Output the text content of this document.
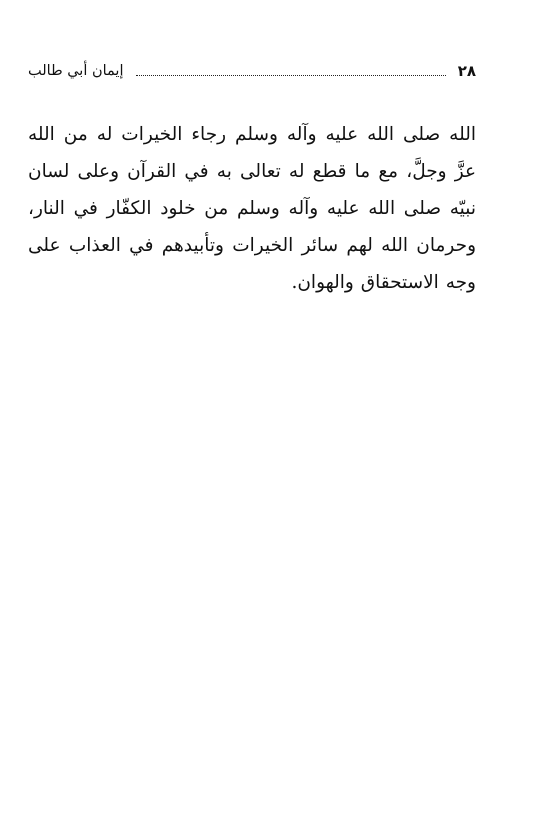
٢٨
إيمان أبي طالب

الله صلى الله عليه وآله وسلم رجاء الخيرات له من الله عزَّ وجلَّ، مع ما قطع له تعالى به في القرآن وعلى لسان نبيّه صلى الله عليه وآله وسلم من خلود الكفّار في النار، وحرمان الله لهم سائر الخيرات وتأبيدهم في العذاب على وجه الاستحقاق والهوان.
